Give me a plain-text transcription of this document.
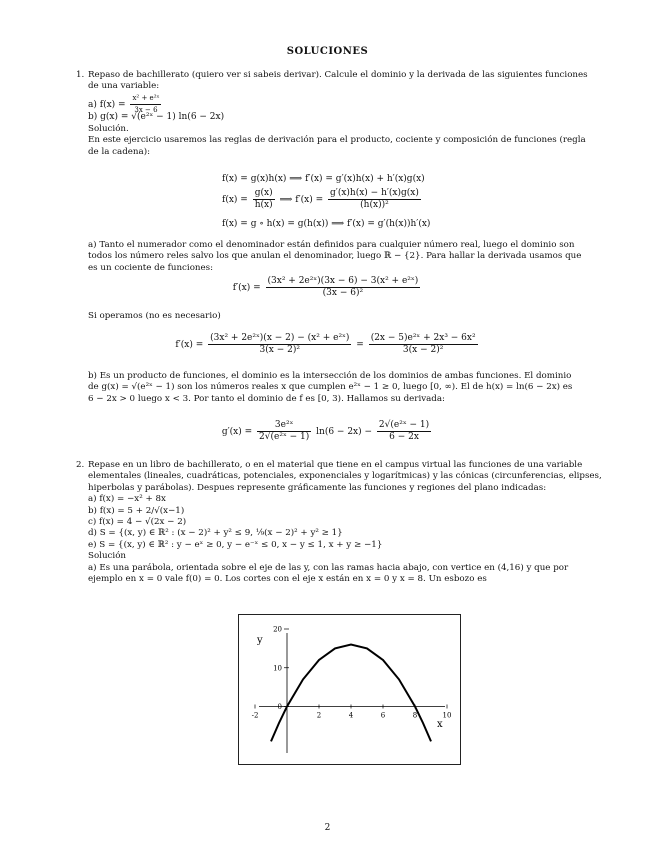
SOLUCIONES
1. Repaso de bachillerato (quiero ver si sabeis derivar). Calcule el dominio y la derivada de las siguientes funciones

de una variable:

a) $f(x) = \frac{\text{x² + e²ˣ}}{3x - 6}$
b) g(x) = √(e²ˣ − 1) ln(6 − 2x)

Solución.

En este ejercicio usaremos las reglas de derivación para el producto, cociente y composición de funciones (regla

de la cadena):

f(x) = g(x)h(x) ⟹ f′(x) = g′(x)h(x) + h′(x)g(x)
$f(x) = \frac{g(x)}{h(x)}$ ⟹ $f'(x) = \frac{g'(x)h(x) - h'(x)g(x)}{\text{(h(x))²}}$
f(x) = g ∘ h(x) = g(h(x)) ⟹ f′(x) = g′(h(x))h′(x)

a) Tanto el numerador como el denominador están definidos para cualquier número real, luego el dominio son

todos los número reles salvo los que anulan el denominador, luego ℝ − {2}. Para hallar la derivada usamos que

es un cociente de funciones:

$f'(x) = \frac{\text{(3x² + 2e²ˣ)(3x − 6) − 3(x² + e²ˣ)}}{\text{(3x − 6)²}}$
Si operamos (no es necesario)
$f'(x) = \frac{\text{(3x² + 2e²ˣ)(x − 2) − (x² + e²ˣ)}}{\text{3(x − 2)²}} = \frac{\text{(2x − 5)e²ˣ + 2x³ − 6x²}}{\text{3(x − 2)²}}$

b) Es un producto de funciones, el dominio es la intersección de los dominios de ambas funciones. El dominio

de g(x) = √(e²ˣ − 1) son los números reales x que cumplen e²ˣ − 1 ≥ 0, luego [0, ∞). El de h(x) = ln(6 − 2x) es

6 − 2x > 0 luego x < 3. Por tanto el dominio de f es [0, 3). Hallamos su derivada:

$g'(x) = \frac{\text{3e²ˣ}}{\text{2√(e²ˣ − 1)}} \ln(6 - 2x) - \frac{\text{2√(e²ˣ − 1)}}{6 - 2x}$
2. Repase en un libro de bachillerato, o en el material que tiene en el campus virtual las funciones de una variable

elementales (lineales, cuadráticas, potenciales, exponenciales y logarítmicas) y las cónicas (circunferencias, elipses,

hiperbolas y parábolas). Despues represente gráficamente las funciones y regiones del plano indicadas:

a) f(x) = −x² + 8x

b) f(x) = 5 + 2/√(x−1)

c) f(x) = 4 − √(2x − 2)

d) S = {(x, y) ∈ ℝ² : (x − 2)² + y² ≤ 9, ⅑(x − 2)² + y² ≥ 1}

e) S = {(x, y) ∈ ℝ² : y − eˣ ≥ 0, y − e⁻ˣ ≤ 0, x − y ≤ 1, x + y ≥ −1}

Solución

a) Es una parábola, orientada sobre el eje de las y, con las ramas hacia abajo, con vertice en (4,16) y que por

ejemplo en x = 0 vale f(0) = 0. Los cortes con el eje x están en x = 0 y x = 8. Un esbozo es

y
x
-2	2	4	6	8	10
20
10
0
2
